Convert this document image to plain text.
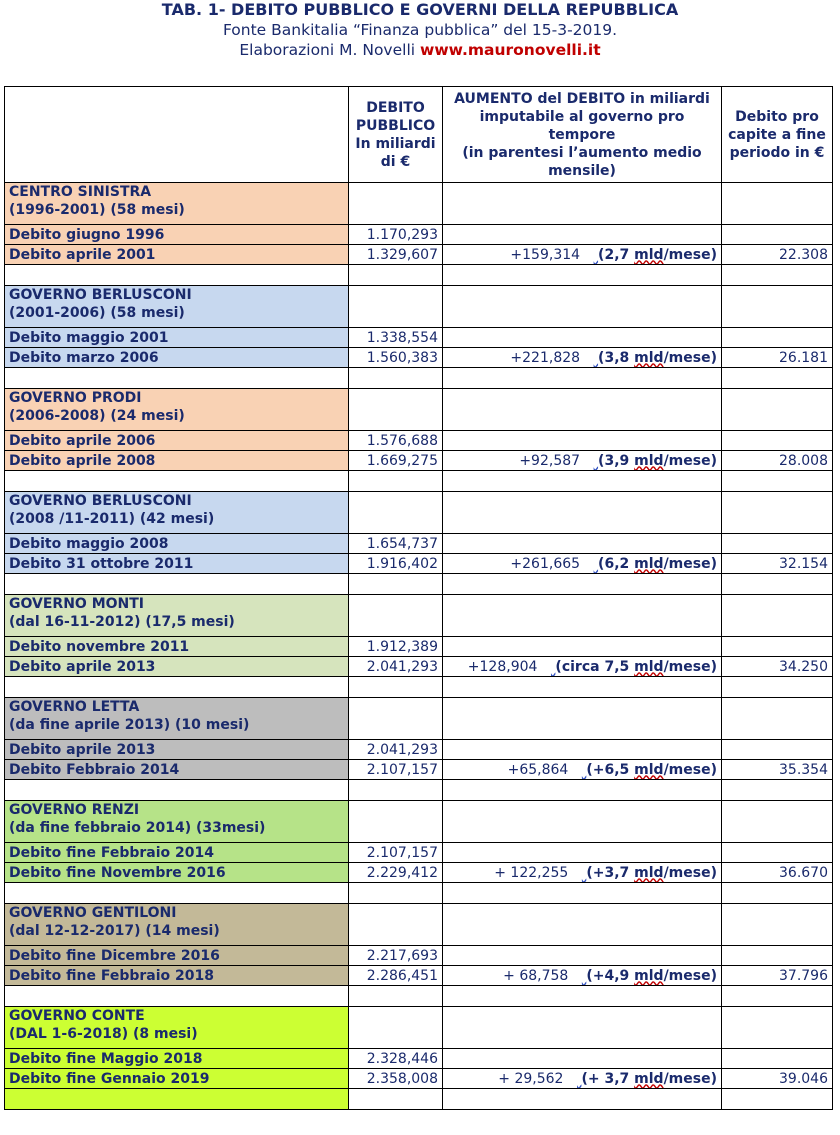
TAB. 1- DEBITO PUBBLICO E GOVERNI DELLA REPUBBLICA
Fonte Bankitalia “Finanza pubblica” del 15-3-2019.
Elaborazioni M. Novelli www.mauronovelli.it
	DEBITO PUBBLICO In miliardi di €	AUMENTO del DEBITO in miliardi imputabile al governo pro tempore
(in parentesi l’aumento medio mensile)	Debito pro capite a fine periodo in €
CENTRO SINISTRA
(1996-2001) (58 mesi)			
Debito giugno 1996	1.170,293		
Debito aprile 2001	1.329,607	+159,314 (2,7 mld/mese)	22.308

GOVERNO BERLUSCONI
(2001-2006) (58 mesi)			
Debito maggio 2001	1.338,554		
Debito marzo 2006	1.560,383	+221,828 (3,8 mld/mese)	26.181

GOVERNO PRODI
(2006-2008) (24 mesi)			
Debito aprile 2006	1.576,688		
Debito aprile 2008	1.669,275	+92,587 (3,9 mld/mese)	28.008

GOVERNO BERLUSCONI
(2008 /11-2011) (42 mesi)			
Debito maggio 2008	1.654,737		
Debito 31 ottobre 2011	1.916,402	+261,665 (6,2 mld/mese)	32.154

GOVERNO MONTI
(dal 16-11-2012) (17,5 mesi)			
Debito novembre 2011	1.912,389		
Debito aprile 2013	2.041,293	+128,904 (circa 7,5 mld/mese)	34.250

GOVERNO LETTA
(da fine aprile 2013) (10 mesi)			
Debito aprile 2013	2.041,293		
Debito Febbraio 2014	2.107,157	+65,864 (+6,5 mld/mese)	35.354

GOVERNO RENZI
(da fine febbraio 2014) (33mesi)			
Debito fine Febbraio 2014	2.107,157		
Debito fine Novembre 2016	2.229,412	+ 122,255 (+3,7 mld/mese)	36.670

GOVERNO GENTILONI
(dal 12-12-2017) (14 mesi)			
Debito fine Dicembre 2016	2.217,693		
Debito fine Febbraio 2018	2.286,451	+ 68,758 (+4,9 mld/mese)	37.796

GOVERNO CONTE
(DAL 1-6-2018) (8 mesi)			
Debito fine Maggio 2018	2.328,446		
Debito fine Gennaio 2019	2.358,008	+ 29,562 (+ 3,7 mld/mese)	39.046
